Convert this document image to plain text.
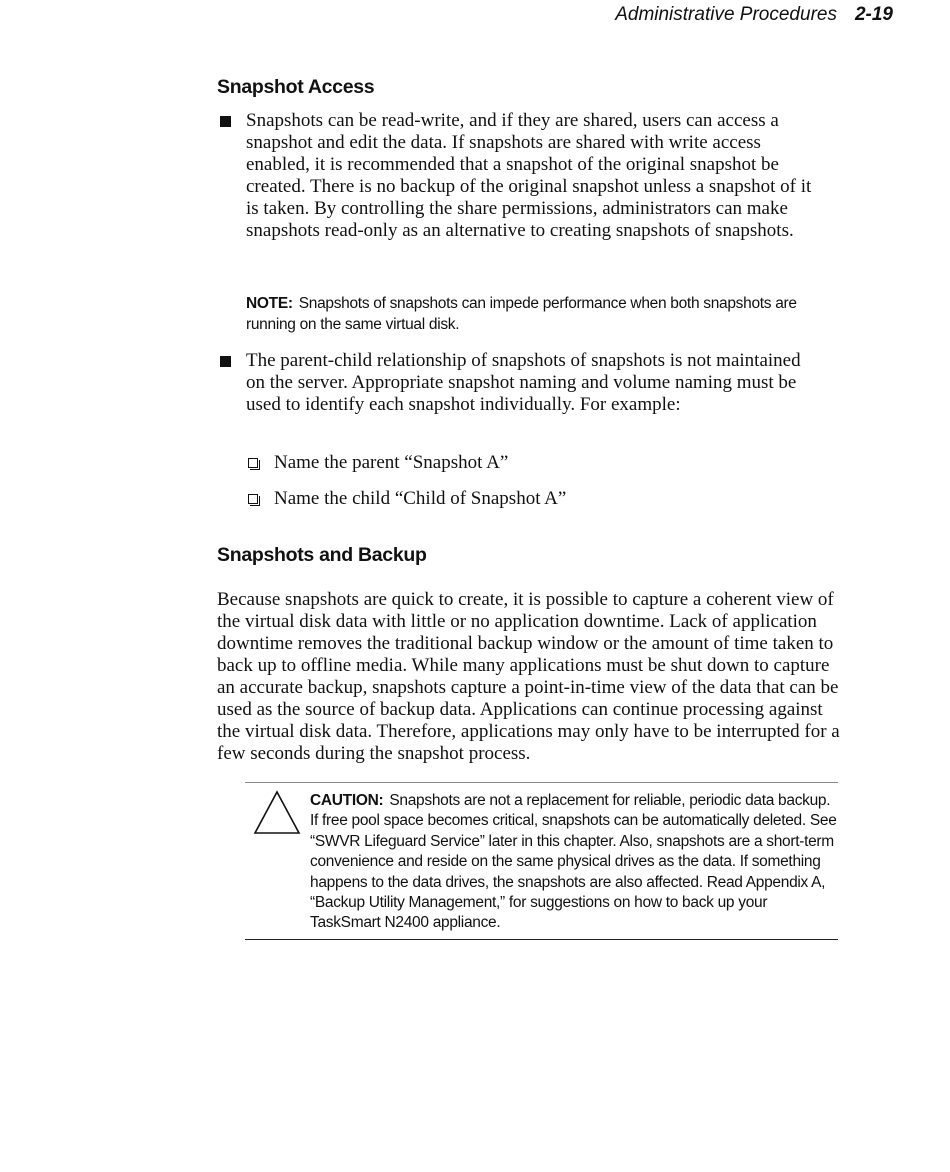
Administrative Procedures 2-19
Snapshot Access
Snapshots can be read-write, and if they are shared, users can access a snapshot and edit the data. If snapshots are shared with write access enabled, it is recommended that a snapshot of the original snapshot be created. There is no backup of the original snapshot unless a snapshot of it is taken. By controlling the share permissions, administrators can make snapshots read-only as an alternative to creating snapshots of snapshots.
NOTE: Snapshots of snapshots can impede performance when both snapshots are running on the same virtual disk.
The parent-child relationship of snapshots of snapshots is not maintained on the server. Appropriate snapshot naming and volume naming must be used to identify each snapshot individually. For example:
Name the parent “Snapshot A”
Name the child “Child of Snapshot A”
Snapshots and Backup
Because snapshots are quick to create, it is possible to capture a coherent view of the virtual disk data with little or no application downtime. Lack of application downtime removes the traditional backup window or the amount of time taken to back up to offline media. While many applications must be shut down to capture an accurate backup, snapshots capture a point-in-time view of the data that can be used as the source of backup data. Applications can continue processing against the virtual disk data. Therefore, applications may only have to be interrupted for a few seconds during the snapshot process.
CAUTION: Snapshots are not a replacement for reliable, periodic data backup. If free pool space becomes critical, snapshots can be automatically deleted. See “SWVR Lifeguard Service” later in this chapter. Also, snapshots are a short-term convenience and reside on the same physical drives as the data. If something happens to the data drives, the snapshots are also affected. Read Appendix A, “Backup Utility Management,” for suggestions on how to back up your TaskSmart N2400 appliance.
